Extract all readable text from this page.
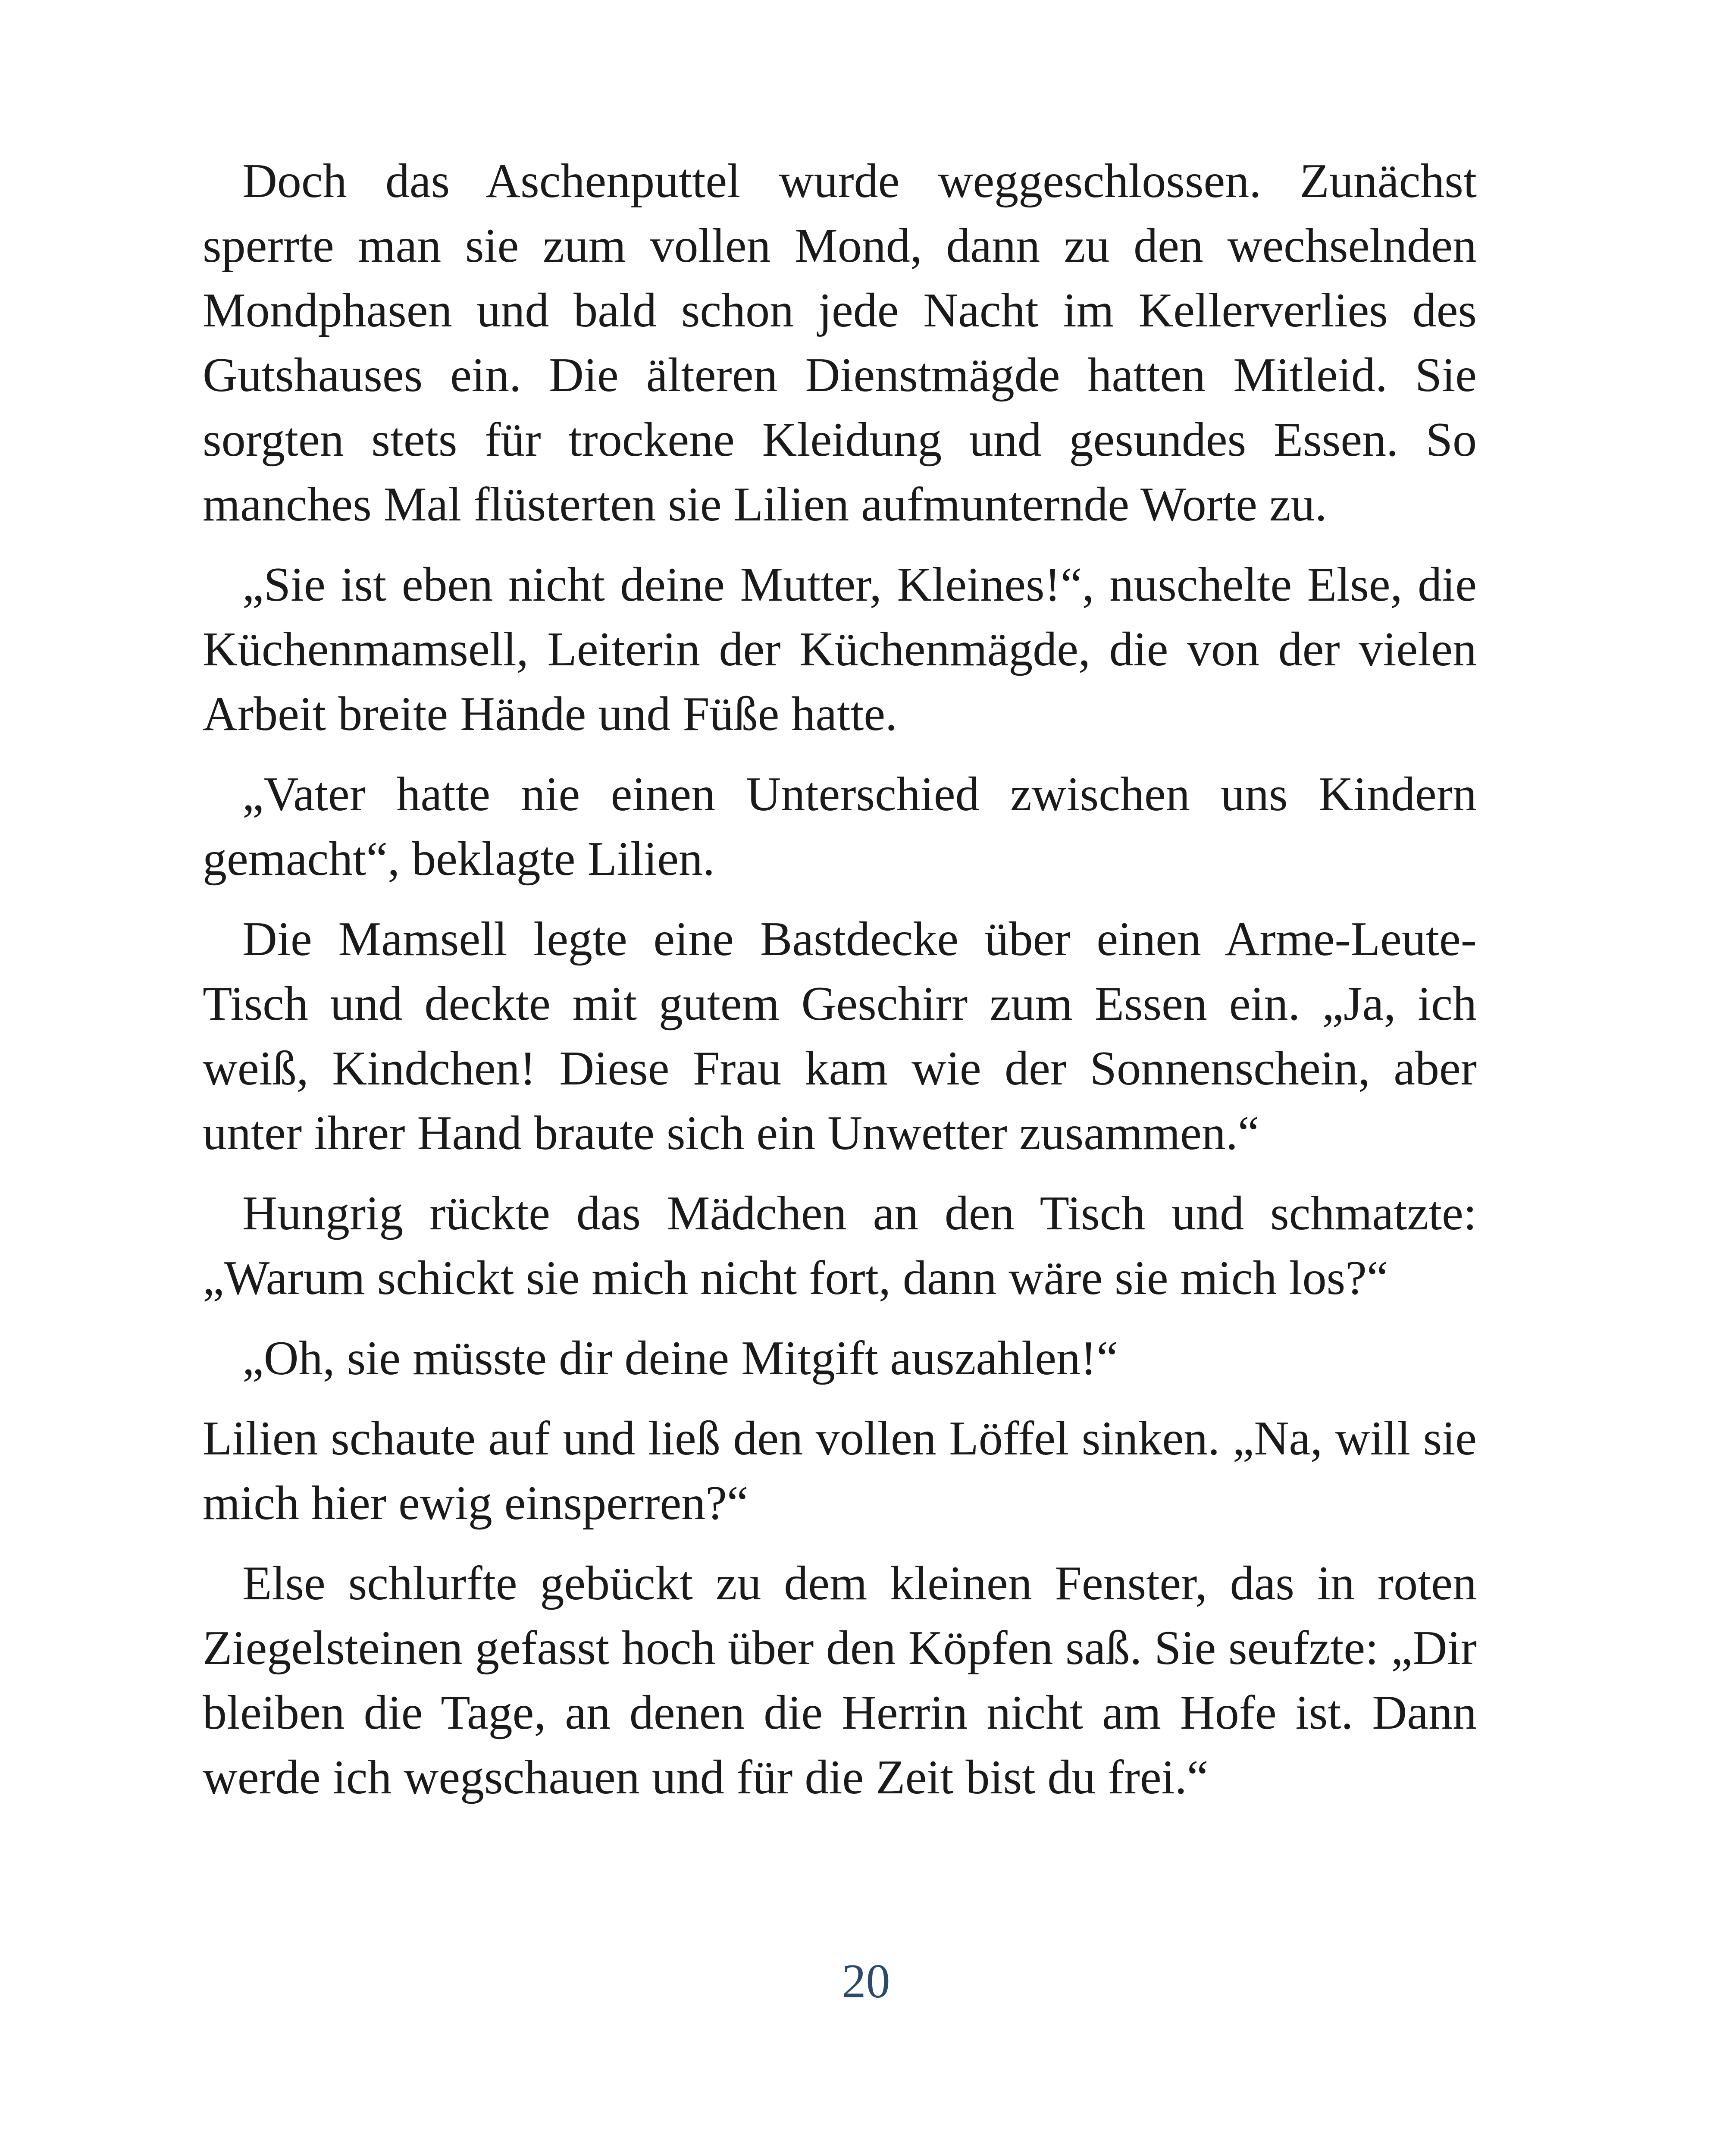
Doch das Aschenputtel wurde weggeschlossen. Zunächst sperrte man sie zum vollen Mond, dann zu den wechselnden Mondphasen und bald schon jede Nacht im Kellerverlies des Gutshauses ein. Die älteren Dienstmägde hatten Mitleid. Sie sorgten stets für trockene Kleidung und gesundes Essen. So manches Mal flüsterten sie Lilien aufmunternde Worte zu.

„Sie ist eben nicht deine Mutter, Kleines!“, nuschelte Else, die Küchenmamsell, Leiterin der Küchenmägde, die von der vielen Arbeit breite Hände und Füße hatte.

„Vater hatte nie einen Unterschied zwischen uns Kindern gemacht“, beklagte Lilien.

Die Mamsell legte eine Bastdecke über einen Arme-Leute-Tisch und deckte mit gutem Geschirr zum Essen ein. „Ja, ich weiß, Kindchen! Diese Frau kam wie der Sonnenschein, aber unter ihrer Hand braute sich ein Unwetter zusammen.“

Hungrig rückte das Mädchen an den Tisch und schmatzte: „Warum schickt sie mich nicht fort, dann wäre sie mich los?“

„Oh, sie müsste dir deine Mitgift auszahlen!“

Lilien schaute auf und ließ den vollen Löffel sinken. „Na, will sie mich hier ewig einsperren?“

Else schlurfte gebückt zu dem kleinen Fenster, das in roten Ziegelsteinen gefasst hoch über den Köpfen saß. Sie seufzte: „Dir bleiben die Tage, an denen die Herrin nicht am Hofe ist. Dann werde ich wegschauen und für die Zeit bist du frei.“

20
